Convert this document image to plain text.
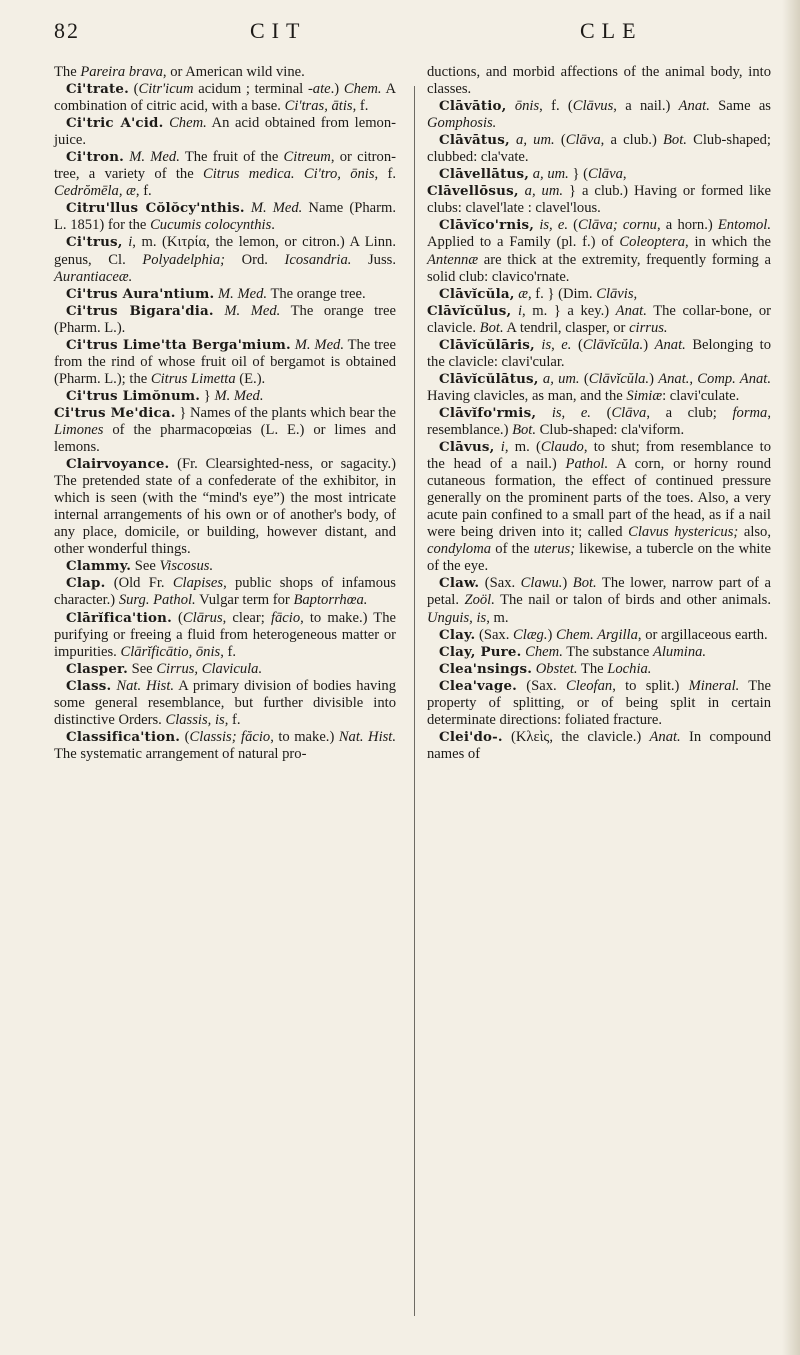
82	CIT	CLE

The Pareira brava, or American wild vine.

Ci'trate. (Citr'icum acidum ; terminal -ate.) Chem. A combination of citric acid, with a base. Ci'tras, ātis, f.

Ci'tric A'cid. Chem. An acid obtained from lemon-juice.

Ci'tron. M. Med. The fruit of the Citreum, or citron-tree, a variety of the Citrus medica. Ci'tro, ōnis, f. Cedrŏmēla, æ, f.

Citru'llus Cŏlŏcy'nthis. M. Med. Name (Pharm. L. 1851) for the Cucumis colocynthis.

Ci'trus, i, m. (Κιτρία, the lemon, or citron.) A Linn. genus, Cl. Polyadelphia; Ord. Icosandria. Juss. Aurantiaceæ.

Ci'trus Aura'ntium. M. Med. The orange tree.

Ci'trus Bigara'dia. M. Med. The orange tree (Pharm. L.).

Ci'trus Lime'tta Berga'mium. M. Med. The tree from the rind of whose fruit oil of bergamot is obtained (Pharm. L.); the Citrus Limetta (E.).

Ci'trus Limŏnum. } M. Med.
Ci'trus Me'dica. } Names of the plants which bear the Limones of the pharmacopœias (L. E.) or limes and lemons.

Clairvoyance. (Fr. Clearsighted-ness, or sagacity.) The pretended state of a confederate of the exhibitor, in which is seen (with the “mind's eye”) the most intricate internal arrangements of his own or of another's body, of any place, domicile, or building, however distant, and other wonderful things.

Clammy. See Viscosus.

Clap. (Old Fr. Clapises, public shops of infamous character.) Surg. Pathol. Vulgar term for Baptorrhœa.

Clārĭfica'tion. (Clārus, clear; fācio, to make.) The purifying or freeing a fluid from heterogeneous matter or impurities. Clārĭficātio, ōnis, f.

Clasper. See Cirrus, Clavicula.

Class. Nat. Hist. A primary division of bodies having some general resemblance, but further divisible into distinctive Orders. Classis, is, f.

Classifica'tion. (Classis; făcio, to make.) Nat. Hist. The systematic arrangement of natural pro-

ductions, and morbid affections of the animal body, into classes.

Clāvātio, ōnis, f. (Clāvus, a nail.) Anat. Same as Gomphosis.

Clāvātus, a, um. (Clāva, a club.) Bot. Club-shaped; clubbed: cla'vate.

Clāvellātus, a, um. } (Clāva,
Clāvellōsus, a, um. } a club.) Having or formed like clubs: clavel'late : clavel'lous.

Clāvĭco'rnis, is, e. (Clāva; cornu, a horn.) Entomol. Applied to a Family (pl. f.) of Coleoptera, in which the Antennæ are thick at the extremity, frequently forming a solid club: clavico'rnate.

Clāvĭcŭla, æ, f. } (Dim. Clāvis,
Clāvĭcŭlus, i, m. } a key.) Anat. The collar-bone, or clavicle. Bot. A tendril, clasper, or cirrus.

Clāvĭcŭlāris, is, e. (Clāvĭcŭla.) Anat. Belonging to the clavicle: clavi'cular.

Clāvĭcŭlātus, a, um. (Clāvĭcŭla.) Anat., Comp. Anat. Having clavicles, as man, and the Simiæ: clavi'culate.

Clāvĭfo'rmis, is, e. (Clāva, a club; forma, resemblance.) Bot. Club-shaped: cla'viform.

Clāvus, i, m. (Claudo, to shut; from resemblance to the head of a nail.) Pathol. A corn, or horny round cutaneous formation, the effect of continued pressure generally on the prominent parts of the toes. Also, a very acute pain confined to a small part of the head, as if a nail were being driven into it; called Clavus hystericus; also, condyloma of the uterus; likewise, a tubercle on the white of the eye.

Claw. (Sax. Clawu.) Bot. The lower, narrow part of a petal. Zoöl. The nail or talon of birds and other animals. Unguis, is, m.

Clay. (Sax. Clæg.) Chem. Argilla, or argillaceous earth.

Clay, Pure. Chem. The substance Alumina.

Clea'nsings. Obstet. The Lochia.

Clea'vage. (Sax. Cleofan, to split.) Mineral. The property of splitting, or of being split in certain determinate directions: foliated fracture.

Clei'do-. (Κλεὶς, the clavicle.) Anat. In compound names of
